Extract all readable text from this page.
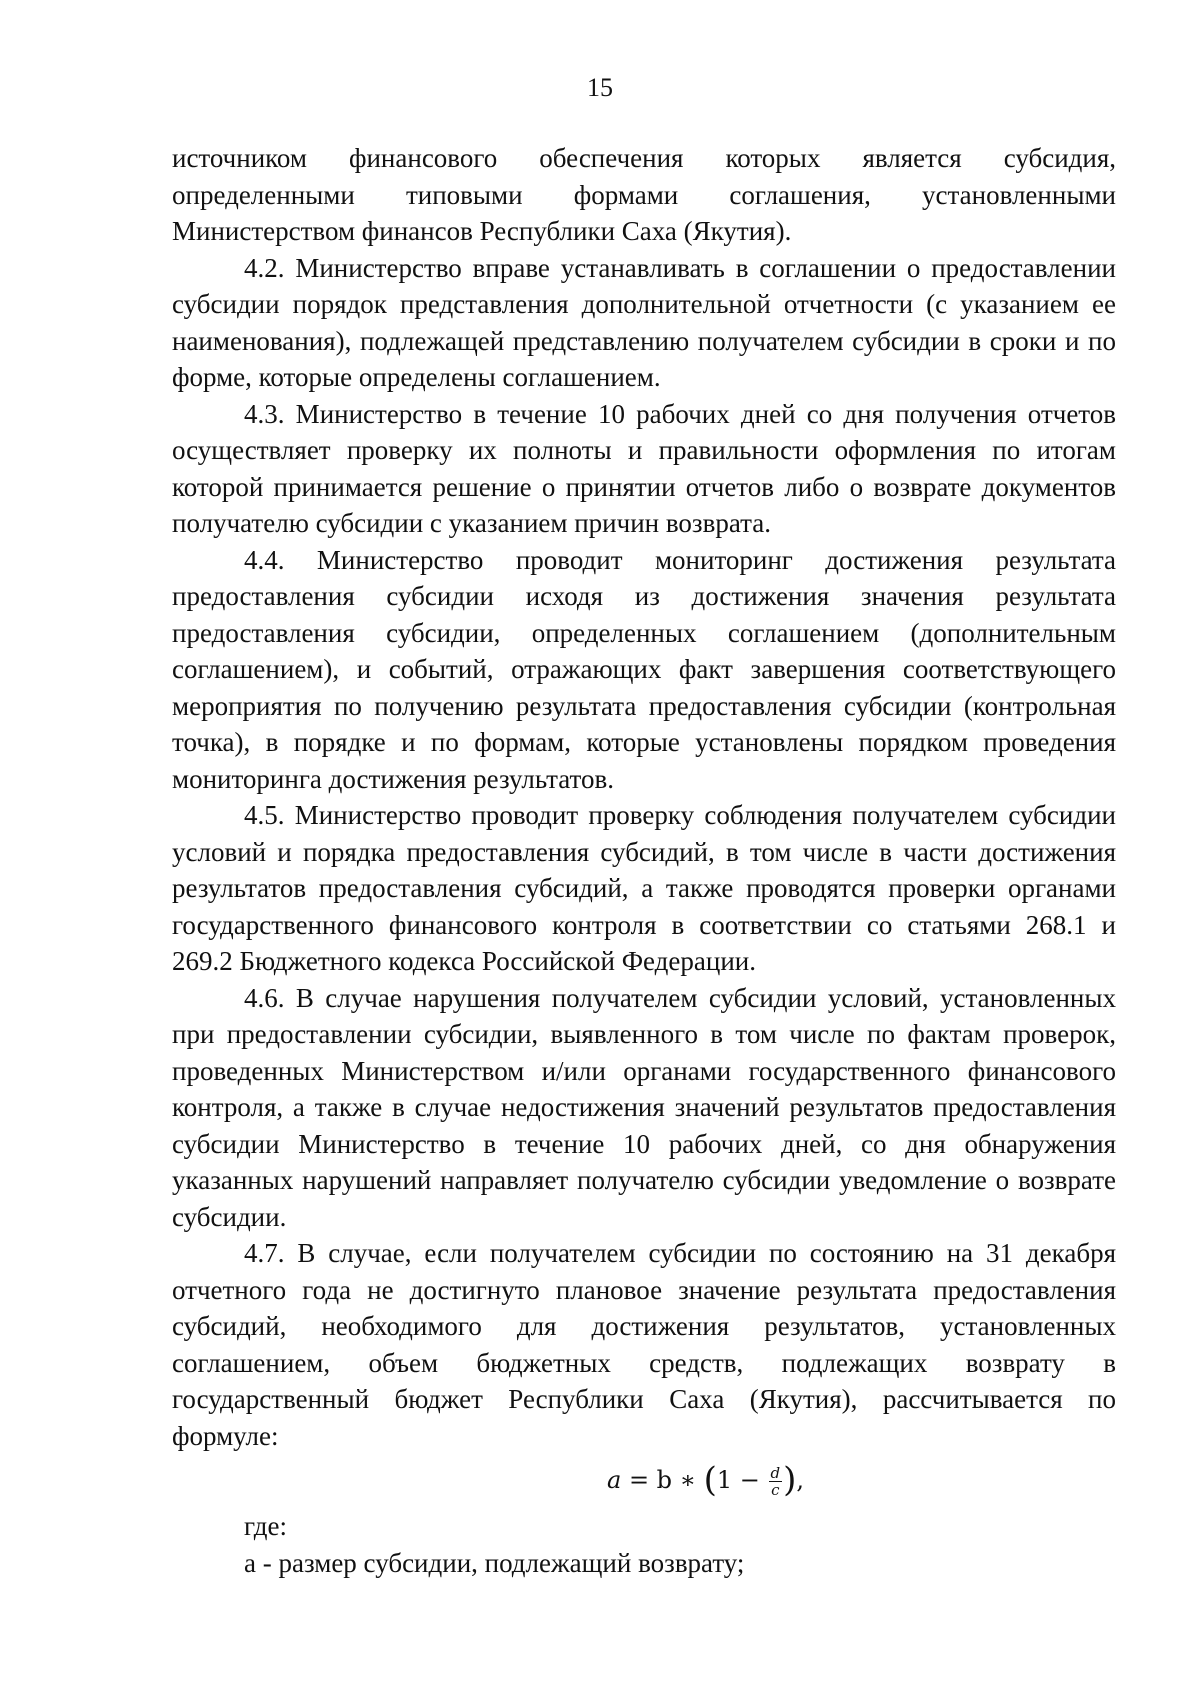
15

источником финансового обеспечения которых является субсидия, определенными типовыми формами соглашения, установленными Министерством финансов Республики Саха (Якутия).

4.2. Министерство вправе устанавливать в соглашении о предоставлении субсидии порядок представления дополнительной отчетности (с указанием ее наименования), подлежащей представлению получателем субсидии в сроки и по форме, которые определены соглашением.

4.3. Министерство в течение 10 рабочих дней со дня получения отчетов осуществляет проверку их полноты и правильности оформления по итогам которой принимается решение о принятии отчетов либо о возврате документов получателю субсидии с указанием причин возврата.

4.4. Министерство проводит мониторинг достижения результата предоставления субсидии исходя из достижения значения результата предоставления субсидии, определенных соглашением (дополнительным соглашением), и событий, отражающих факт завершения соответствующего мероприятия по получению результата предоставления субсидии (контрольная точка), в порядке и по формам, которые установлены порядком проведения мониторинга достижения результатов.

4.5. Министерство проводит проверку соблюдения получателем субсидии условий и порядка предоставления субсидий, в том числе в части достижения результатов предоставления субсидий, а также проводятся проверки органами государственного финансового контроля в соответствии со статьями 268.1 и 269.2 Бюджетного кодекса Российской Федерации.

4.6. В случае нарушения получателем субсидии условий, установленных при предоставлении субсидии, выявленного в том числе по фактам проверок, проведенных Министерством и/или органами государственного финансового контроля, а также в случае недостижения значений результатов предоставления субсидии Министерство в течение 10 рабочих дней, со дня обнаружения указанных нарушений направляет получателю субсидии уведомление о возврате субсидии.

4.7. В случае, если получателем субсидии по состоянию на 31 декабря отчетного года не достигнуто плановое значение результата предоставления субсидий, необходимого для достижения результатов, установленных соглашением, объем бюджетных средств, подлежащих возврату в государственный бюджет Республики Саха (Якутия), рассчитывается по формуле:

a = b ∗ ($1 - \frac{d}{c}$ ),

где:

а - размер субсидии, подлежащий возврату;
